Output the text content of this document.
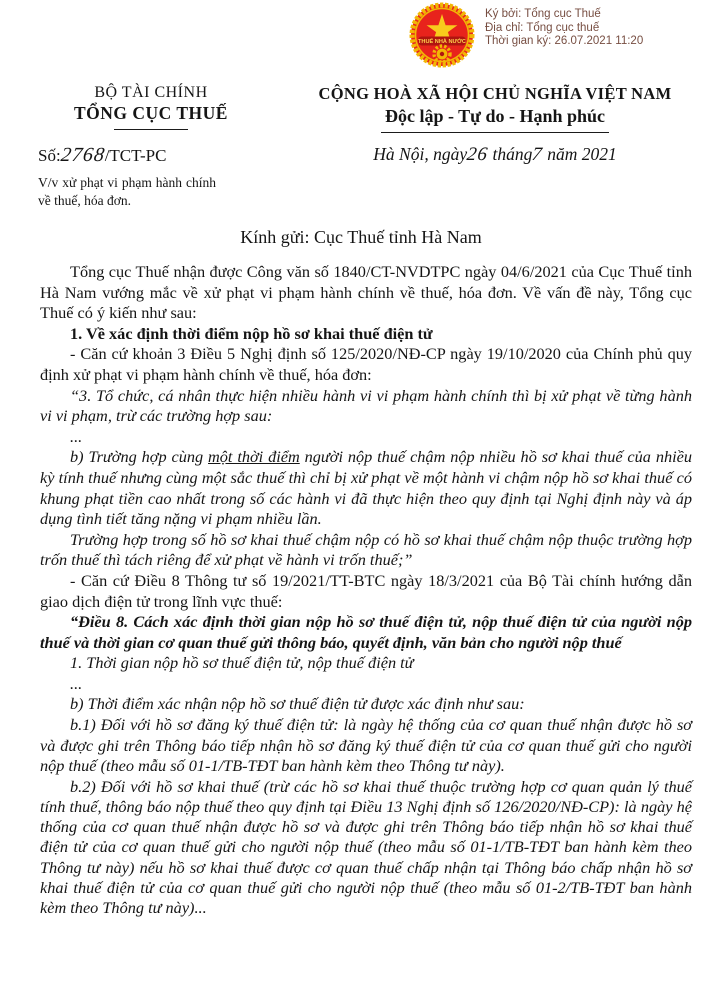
THUẾ NHÀ NƯỚC
Ký bởi: Tổng cục Thuế
Địa chỉ: Tổng cục thuế
Thời gian ký: 26.07.2021 11:20
BỘ TÀI CHÍNH
TỔNG CỤC THUẾ
CỘNG HOÀ XÃ HỘI CHỦ NGHĨA VIỆT NAM
Độc lập - Tự do - Hạnh phúc
Số:2768/TCT-PC
V/v xử phạt vi phạm hành chính về thuế, hóa đơn.
Hà Nội, ngày26 tháng7 năm 2021
Kính gửi: Cục Thuế tỉnh Hà Nam

Tổng cục Thuế nhận được Công văn số 1840/CT-NVDTPC ngày 04/6/2021 của Cục Thuế tỉnh Hà Nam vướng mắc về xử phạt vi phạm hành chính về thuế, hóa đơn. Về vấn đề này, Tổng cục Thuế có ý kiến như sau:

1. Về xác định thời điểm nộp hồ sơ khai thuế điện tử

- Căn cứ khoản 3 Điều 5 Nghị định số 125/2020/NĐ-CP ngày 19/10/2020 của Chính phủ quy định xử phạt vi phạm hành chính về thuế, hóa đơn:

“3. Tổ chức, cá nhân thực hiện nhiều hành vi vi phạm hành chính thì bị xử phạt về từng hành vi vi phạm, trừ các trường hợp sau:

...

b) Trường hợp cùng một thời điểm người nộp thuế chậm nộp nhiều hồ sơ khai thuế của nhiều kỳ tính thuế nhưng cùng một sắc thuế thì chỉ bị xử phạt về một hành vi chậm nộp hồ sơ khai thuế có khung phạt tiền cao nhất trong số các hành vi đã thực hiện theo quy định tại Nghị định này và áp dụng tình tiết tăng nặng vi phạm nhiều lần.

Trường hợp trong số hồ sơ khai thuế chậm nộp có hồ sơ khai thuế chậm nộp thuộc trường hợp trốn thuế thì tách riêng để xử phạt về hành vi trốn thuế;”

- Căn cứ Điều 8 Thông tư số 19/2021/TT-BTC ngày 18/3/2021 của Bộ Tài chính hướng dẫn giao dịch điện tử trong lĩnh vực thuế:

“Điều 8. Cách xác định thời gian nộp hồ sơ thuế điện tử, nộp thuế điện tử của người nộp thuế và thời gian cơ quan thuế gửi thông báo, quyết định, văn bản cho người nộp thuế

1. Thời gian nộp hồ sơ thuế điện tử, nộp thuế điện tử

...

b) Thời điểm xác nhận nộp hồ sơ thuế điện tử được xác định như sau:

b.1) Đối với hồ sơ đăng ký thuế điện tử: là ngày hệ thống của cơ quan thuế nhận được hồ sơ và được ghi trên Thông báo tiếp nhận hồ sơ đăng ký thuế điện tử của cơ quan thuế gửi cho người nộp thuế (theo mẫu số 01-1/TB-TĐT ban hành kèm theo Thông tư này).

b.2) Đối với hồ sơ khai thuế (trừ các hồ sơ khai thuế thuộc trường hợp cơ quan quản lý thuế tính thuế, thông báo nộp thuế theo quy định tại Điều 13 Nghị định số 126/2020/NĐ-CP): là ngày hệ thống của cơ quan thuế nhận được hồ sơ và được ghi trên Thông báo tiếp nhận hồ sơ khai thuế điện tử của cơ quan thuế gửi cho người nộp thuế (theo mẫu số 01-1/TB-TĐT ban hành kèm theo Thông tư này) nếu hồ sơ khai thuế được cơ quan thuế chấp nhận tại Thông báo chấp nhận hồ sơ khai thuế điện tử của cơ quan thuế gửi cho người nộp thuế (theo mẫu số 01-2/TB-TĐT ban hành kèm theo Thông tư này)...
